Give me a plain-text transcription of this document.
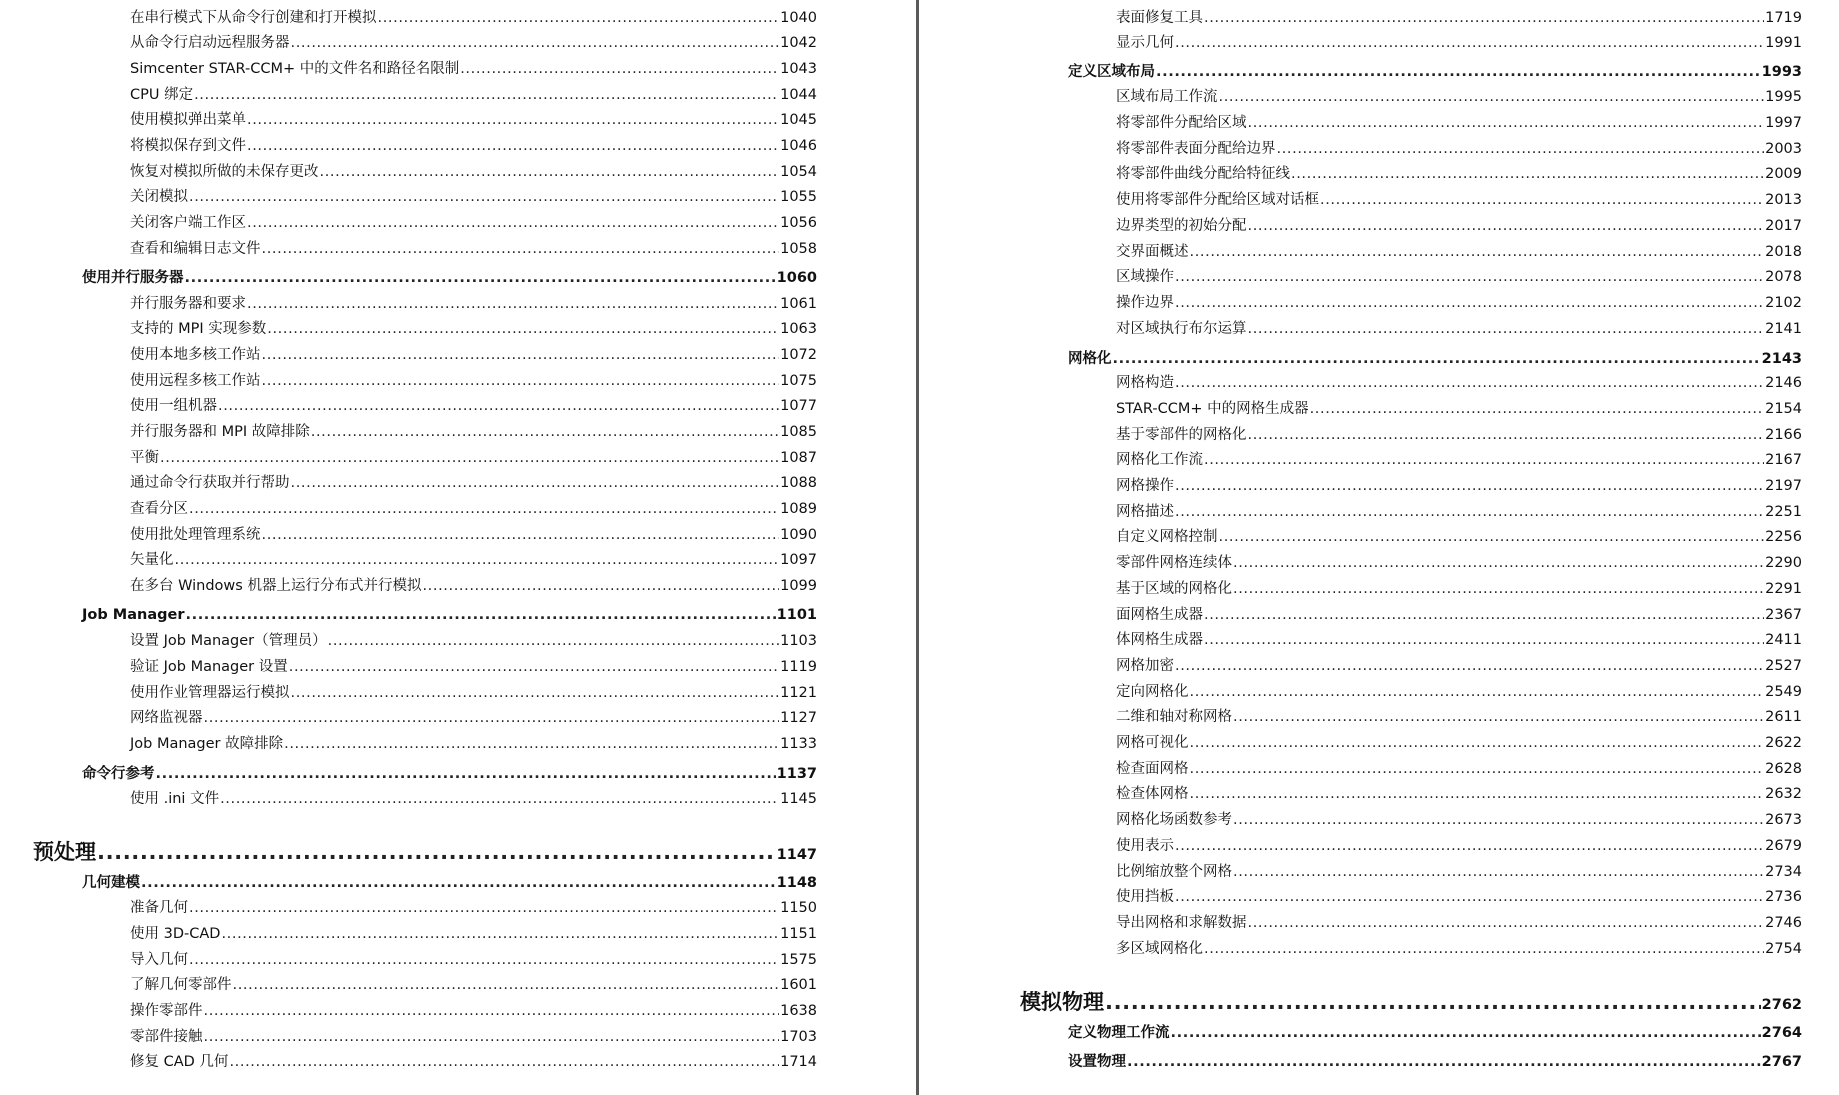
在串行模式下从命令行创建和打开模拟 .....	1040
从命令行启动远程服务器 .....	1042
Simcenter STAR-CCM+ 中的文件名和路径名限制 .....	1043
CPU 绑定 .....	1044
使用模拟弹出菜单 .....	1045
将模拟保存到文件 .....	1046
恢复对模拟所做的未保存更改 .....	1054
关闭模拟 .....	1055
关闭客户端工作区 .....	1056
查看和编辑日志文件 .....	1058
使用并行服务器 .....	1060
并行服务器和要求 .....	1061
支持的 MPI 实现参数 .....	1063
使用本地多核工作站 .....	1072
使用远程多核工作站 .....	1075
使用一组机器 .....	1077
并行服务器和 MPI 故障排除 .....	1085
平衡 .....	1087
通过命令行获取并行帮助 .....	1088
查看分区 .....	1089
使用批处理管理系统 .....	1090
矢量化 .....	1097
在多台 Windows 机器上运行分布式并行模拟 .....	1099
Job Manager .....	1101
设置 Job Manager（管理员） .....	1103
验证 Job Manager 设置 .....	1119
使用作业管理器运行模拟 .....	1121
网络监视器 .....	1127
Job Manager 故障排除 .....	1133
命令行参考 .....	1137
使用 .ini 文件 .....	1145
预处理 .....	1147
几何建模 .....	1148
准备几何 .....	1150
使用 3D-CAD .....	1151
导入几何 .....	1575
了解几何零部件 .....	1601
操作零部件 .....	1638
零部件接触 .....	1703
修复 CAD 几何 .....	1714
表面修复工具 .....	1719
显示几何 .....	1991
定义区域布局 .....	1993
区域布局工作流 .....	1995
将零部件分配给区域 .....	1997
将零部件表面分配给边界 .....	2003
将零部件曲线分配给特征线 .....	2009
使用将零部件分配给区域对话框 .....	2013
边界类型的初始分配 .....	2017
交界面概述 .....	2018
区域操作 .....	2078
操作边界 .....	2102
对区域执行布尔运算 .....	2141
网格化 .....	2143
网格构造 .....	2146
STAR-CCM+ 中的网格生成器 .....	2154
基于零部件的网格化 .....	2166
网格化工作流 .....	2167
网格操作 .....	2197
网格描述 .....	2251
自定义网格控制 .....	2256
零部件网格连续体 .....	2290
基于区域的网格化 .....	2291
面网格生成器 .....	2367
体网格生成器 .....	2411
网格加密 .....	2527
定向网格化 .....	2549
二维和轴对称网格 .....	2611
网格可视化 .....	2622
检查面网格 .....	2628
检查体网格 .....	2632
网格化场函数参考 .....	2673
使用表示 .....	2679
比例缩放整个网格 .....	2734
使用挡板 .....	2736
导出网格和求解数据 .....	2746
多区域网格化 .....	2754
模拟物理 .....	2762
定义物理工作流 .....	2764
设置物理 .....	2767
